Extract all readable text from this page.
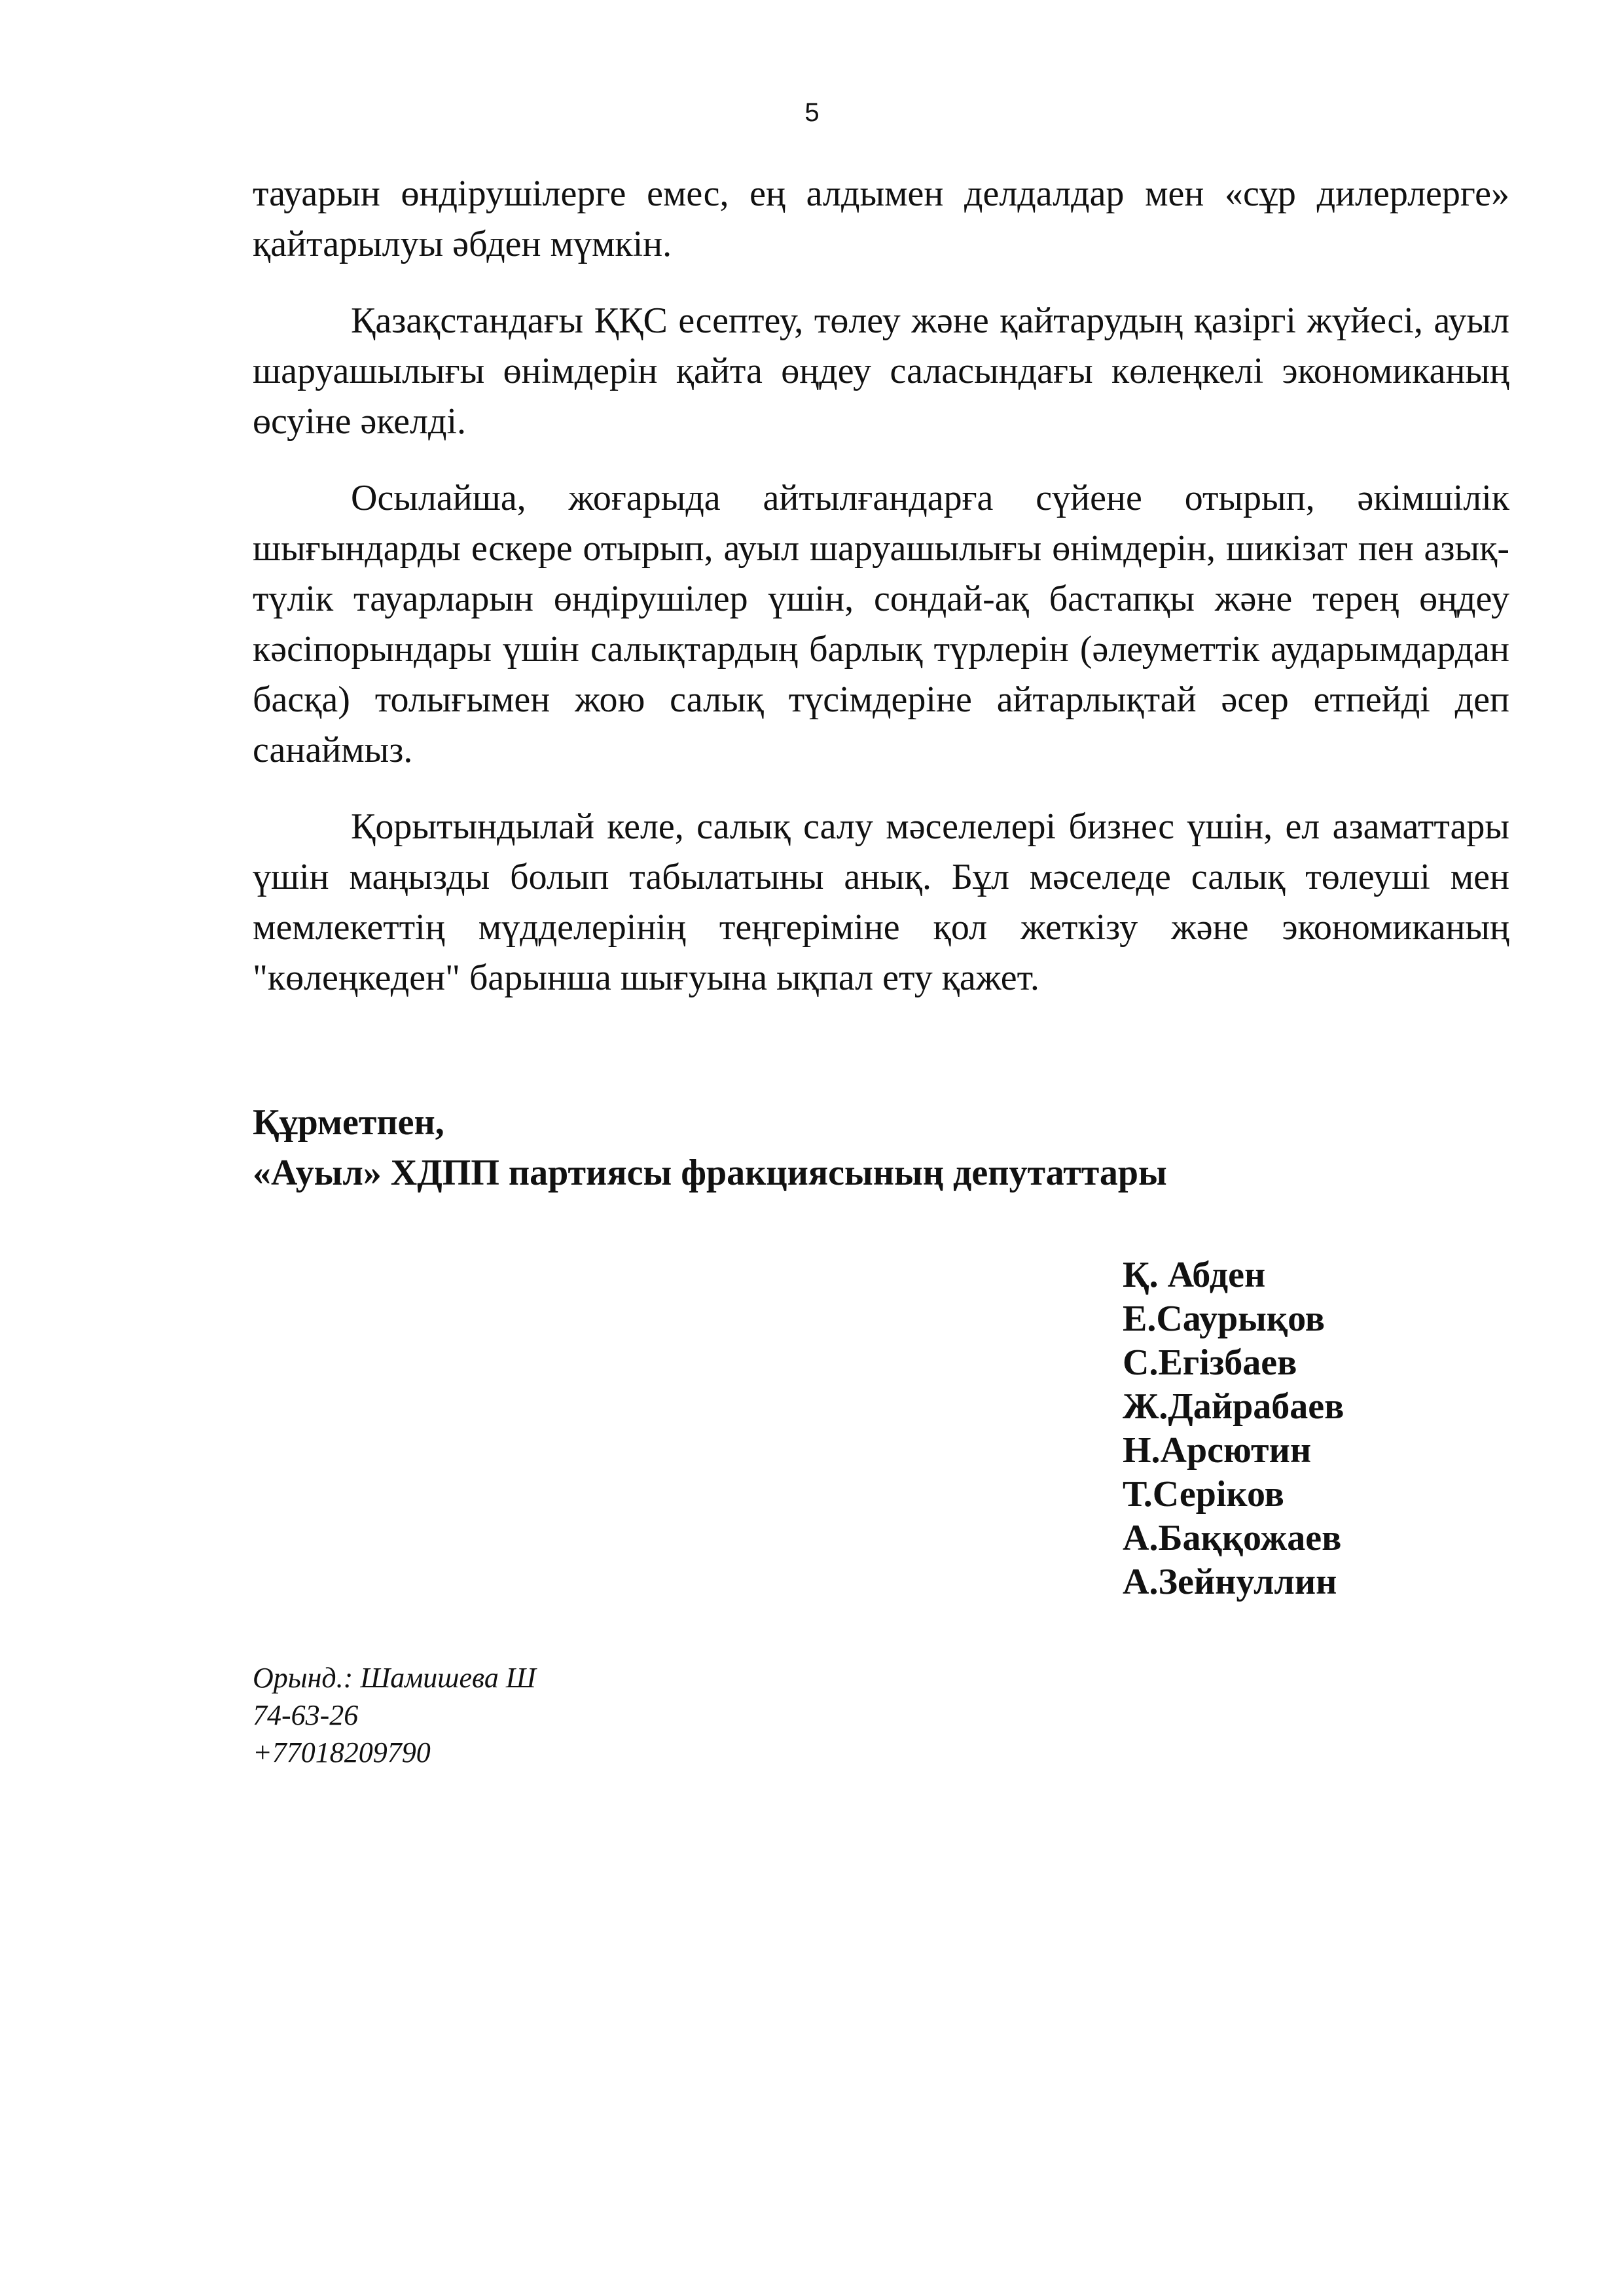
5

тауарын өндірушілерге емес, ең алдымен делдалдар мен «сұр дилерлерге» қайтарылуы әбден мүмкін.

Қазақстандағы ҚҚС есептеу, төлеу және қайтарудың қазіргі жүйесі, ауыл шаруашылығы өнімдерін қайта өңдеу саласындағы көлеңкелі экономиканың өсуіне әкелді.

Осылайша, жоғарыда айтылғандарға сүйене отырып, әкімшілік шығындарды ескере отырып, ауыл шаруашылығы өнімдерін, шикізат пен азық-түлік тауарларын өндірушілер үшін, сондай-ақ бастапқы және терең өңдеу кәсіпорындары үшін салықтардың барлық түрлерін (әлеуметтік аударымдардан басқа) толығымен жою салық түсімдеріне айтарлықтай әсер етпейді деп санаймыз.

Қорытындылай келе, салық салу мәселелері бизнес үшін, ел азаматтары үшін маңызды болып табылатыны анық. Бұл мәселеде салық төлеуші мен мемлекеттің мүдделерінің теңгеріміне қол жеткізу және экономиканың "көлеңкеден" барынша шығуына ықпал ету қажет.

Құрметпен,
«Ауыл» ХДПП партиясы фракциясының депутаттары
Қ. Абден
Е.Саурықов
С.Егізбаев
Ж.Дайрабаев
Н.Арсютин
Т.Серіков
А.Баққожаев
А.Зейнуллин
Орынд.: Шамишева Ш
74-63-26
+77018209790
